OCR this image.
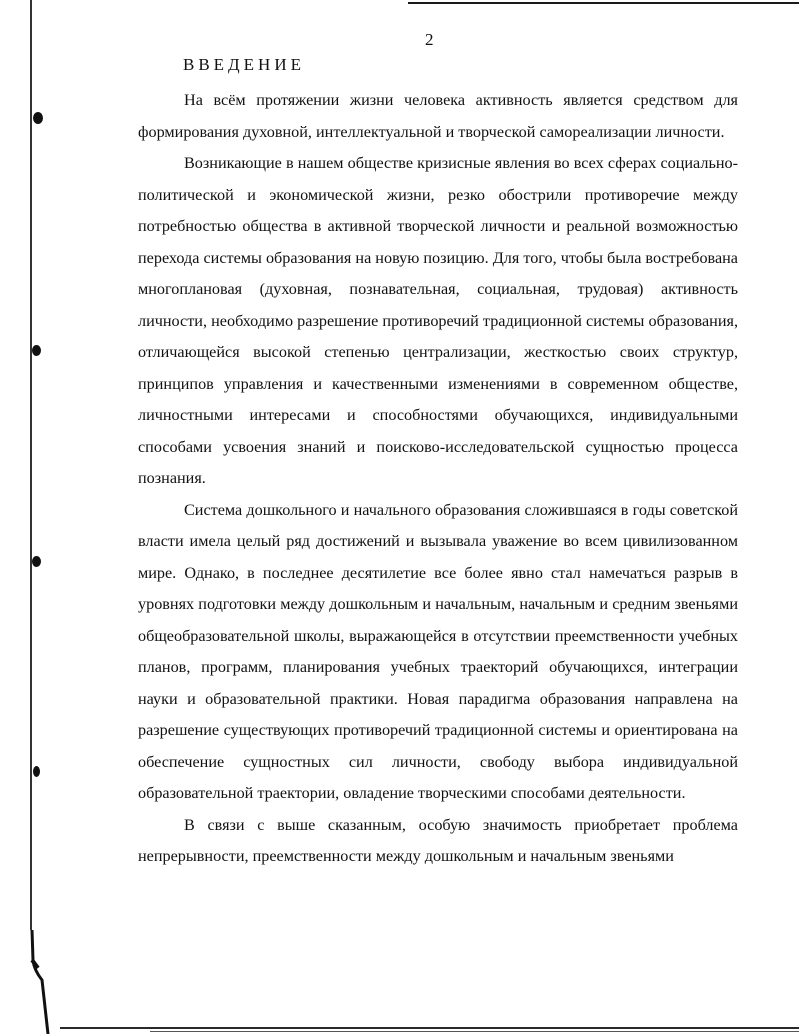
2
ВВЕДЕНИЕ

На всём протяжении жизни человека активность является средством для формирования духовной, интеллектуальной и творческой самореализации личности.

Возникающие в нашем обществе кризисные явления во всех сферах социально-политической и экономической жизни, резко обострили противоречие между потребностью общества в активной творческой личности и реальной возможностью перехода системы образования на новую позицию. Для того, чтобы была востребована многоплановая (духовная, познавательная, социальная, трудовая) активность личности, необходимо разрешение противоречий традиционной системы образования, отличающейся высокой степенью централизации, жесткостью своих структур, принципов управления и качественными изменениями в современном обществе, личностными интересами и способностями обучающихся, индивидуальными способами усвоения знаний и поисково-исследовательской сущностью процесса познания.

Система дошкольного и начального образования сложившаяся в годы советской власти имела целый ряд достижений и вызывала уважение во всем цивилизованном мире. Однако, в последнее десятилетие все более явно стал намечаться разрыв в уровнях подготовки между дошкольным и начальным, начальным и средним звеньями общеобразовательной школы, выражающейся в отсутствии преемственности учебных планов, программ, планирования учебных траекторий обучающихся, интеграции науки и образовательной практики. Новая парадигма образования направлена на разрешение существующих противоречий традиционной системы и ориентирована на обеспечение сущностных сил личности, свободу выбора индивидуальной образовательной траектории, овладение творческими способами деятельности.

В связи с выше сказанным, особую значимость приобретает проблема непрерывности, преемственности между дошкольным и начальным звеньями
